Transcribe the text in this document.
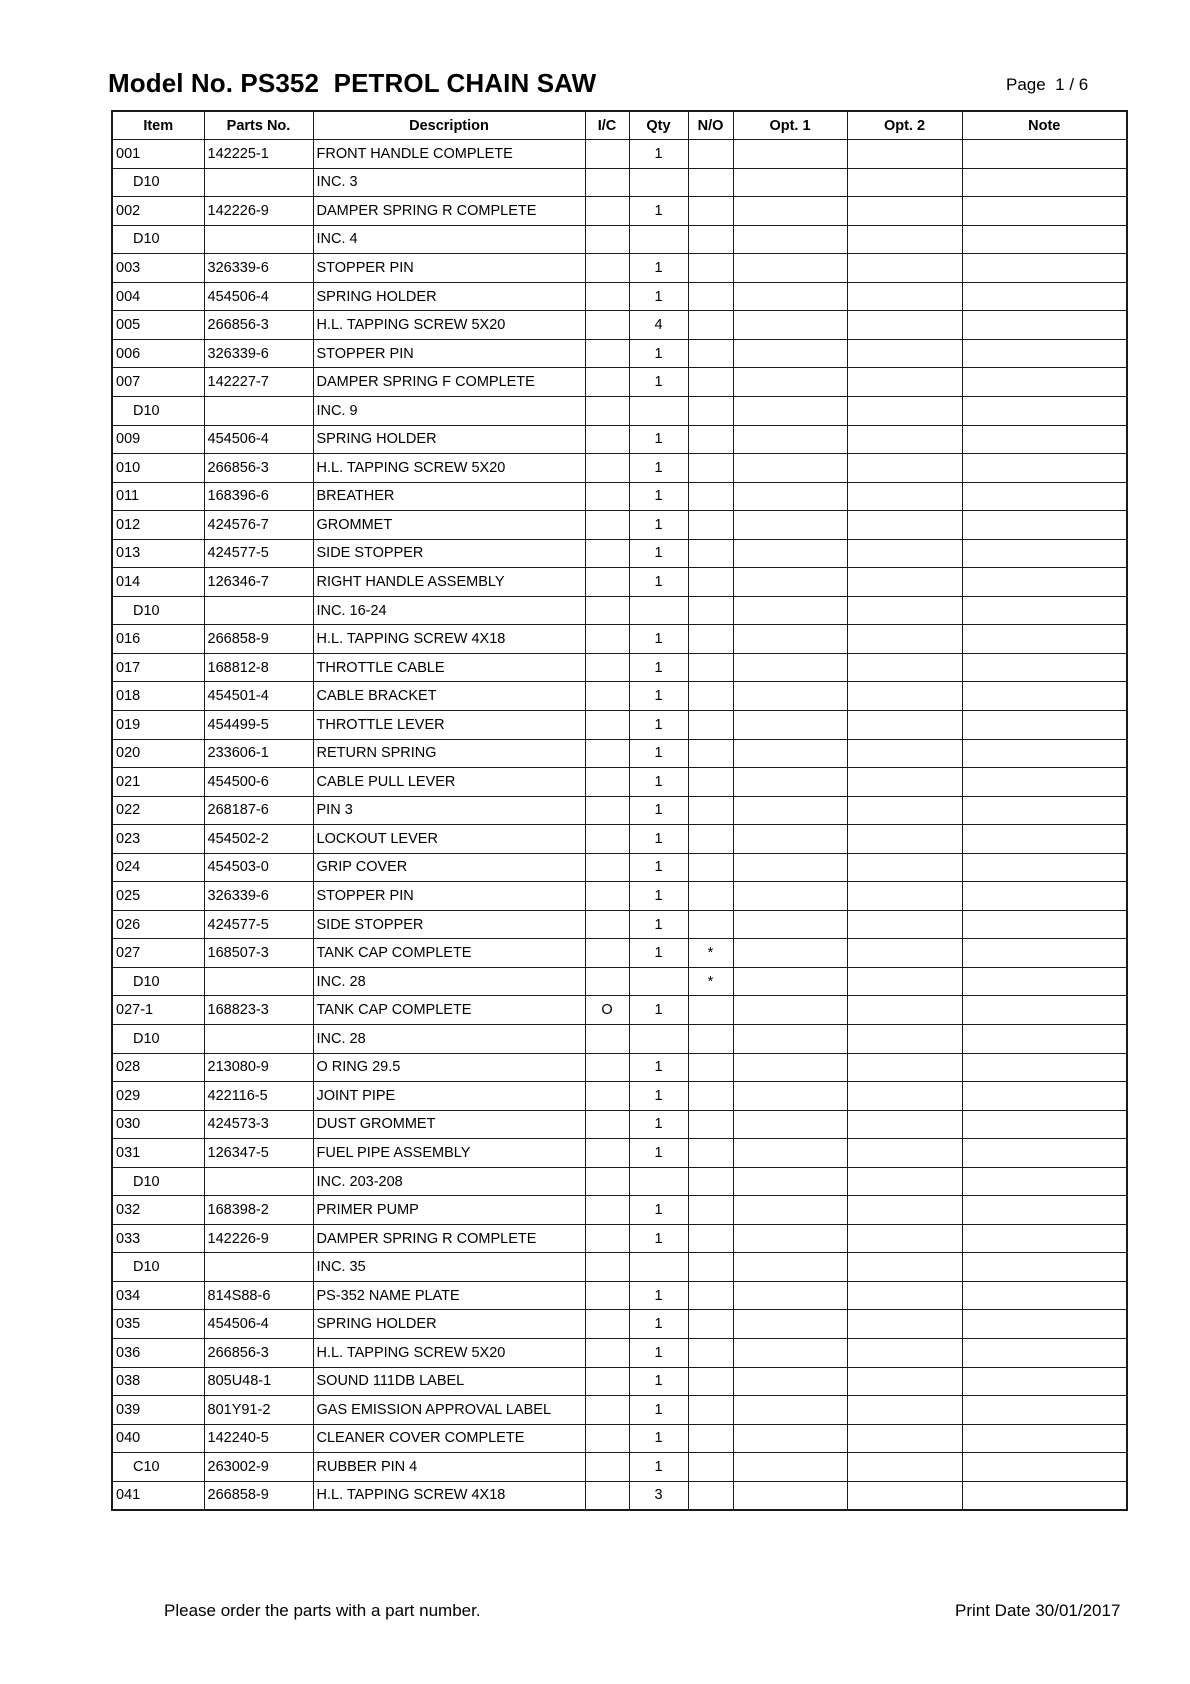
Model No. PS352  PETROL CHAIN SAW	Page 1 / 6
Item	Parts No.	Description	I/C	Qty	N/O	Opt. 1	Opt. 2	Note
001	142225-1	FRONT HANDLE COMPLETE		1				
D10		INC. 3						
002	142226-9	DAMPER SPRING R COMPLETE		1				
D10		INC. 4						
003	326339-6	STOPPER PIN		1				
004	454506-4	SPRING HOLDER		1				
005	266856-3	H.L. TAPPING SCREW 5X20		4				
006	326339-6	STOPPER PIN		1				
007	142227-7	DAMPER SPRING F COMPLETE		1				
D10		INC. 9						
009	454506-4	SPRING HOLDER		1				
010	266856-3	H.L. TAPPING SCREW 5X20		1				
011	168396-6	BREATHER		1				
012	424576-7	GROMMET		1				
013	424577-5	SIDE STOPPER		1				
014	126346-7	RIGHT HANDLE ASSEMBLY		1				
D10		INC. 16-24						
016	266858-9	H.L. TAPPING SCREW 4X18		1				
017	168812-8	THROTTLE CABLE		1				
018	454501-4	CABLE BRACKET		1				
019	454499-5	THROTTLE LEVER		1				
020	233606-1	RETURN SPRING		1				
021	454500-6	CABLE PULL LEVER		1				
022	268187-6	PIN 3		1				
023	454502-2	LOCKOUT LEVER		1				
024	454503-0	GRIP COVER		1				
025	326339-6	STOPPER PIN		1				
026	424577-5	SIDE STOPPER		1				
027	168507-3	TANK CAP COMPLETE		1	*			
D10		INC. 28			*			
027-1	168823-3	TANK CAP COMPLETE	O	1				
D10		INC. 28						
028	213080-9	O RING 29.5		1				
029	422116-5	JOINT PIPE		1				
030	424573-3	DUST GROMMET		1				
031	126347-5	FUEL PIPE ASSEMBLY		1				
D10		INC. 203-208						
032	168398-2	PRIMER PUMP		1				
033	142226-9	DAMPER SPRING R COMPLETE		1				
D10		INC. 35						
034	814S88-6	PS-352 NAME PLATE		1				
035	454506-4	SPRING HOLDER		1				
036	266856-3	H.L. TAPPING SCREW 5X20		1				
038	805U48-1	SOUND 111DB LABEL		1				
039	801Y91-2	GAS EMISSION APPROVAL LABEL		1				
040	142240-5	CLEANER COVER COMPLETE		1				
C10	263002-9	RUBBER PIN 4		1				
041	266858-9	H.L. TAPPING SCREW 4X18		3				
Please order the parts with a part number.	Print Date 30/01/2017
